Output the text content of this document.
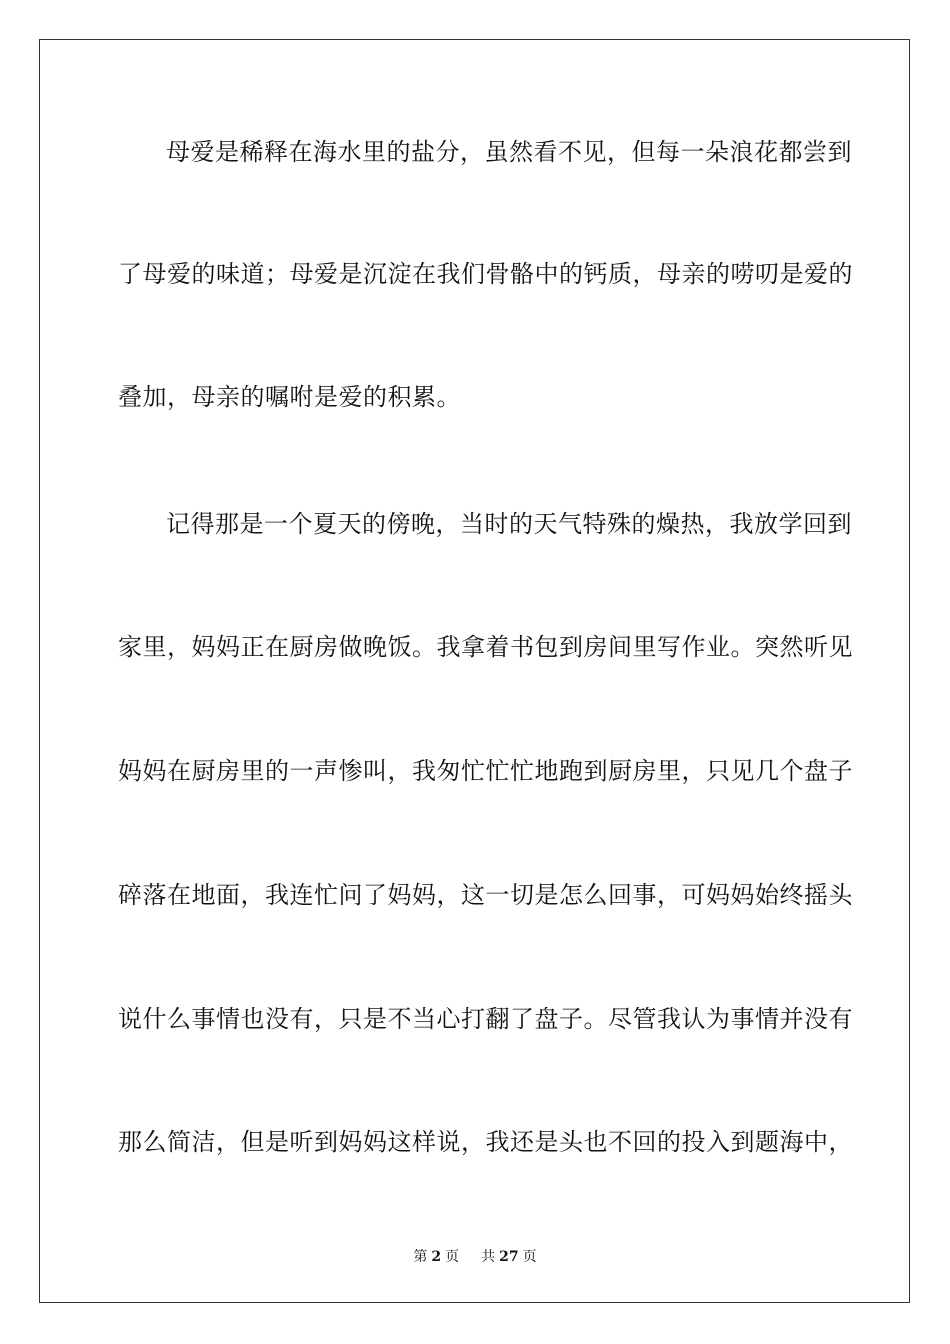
母爱是稀释在海水里的盐分，虽然看不见，但每一朵浪花都尝到
了母爱的味道；母爱是沉淀在我们骨骼中的钙质，母亲的唠叨是爱的
叠加，母亲的嘱咐是爱的积累。
记得那是一个夏天的傍晚，当时的天气特殊的燥热，我放学回到
家里，妈妈正在厨房做晚饭。我拿着书包到房间里写作业。突然听见
妈妈在厨房里的一声惨叫，我匆忙忙忙地跑到厨房里，只见几个盘子
碎落在地面，我连忙问了妈妈，这一切是怎么回事，可妈妈始终摇头
说什么事情也没有，只是不当心打翻了盘子。尽管我认为事情并没有
那么简洁，但是听到妈妈这样说，我还是头也不回的投入到题海中，
第 2 页 共 27 页
